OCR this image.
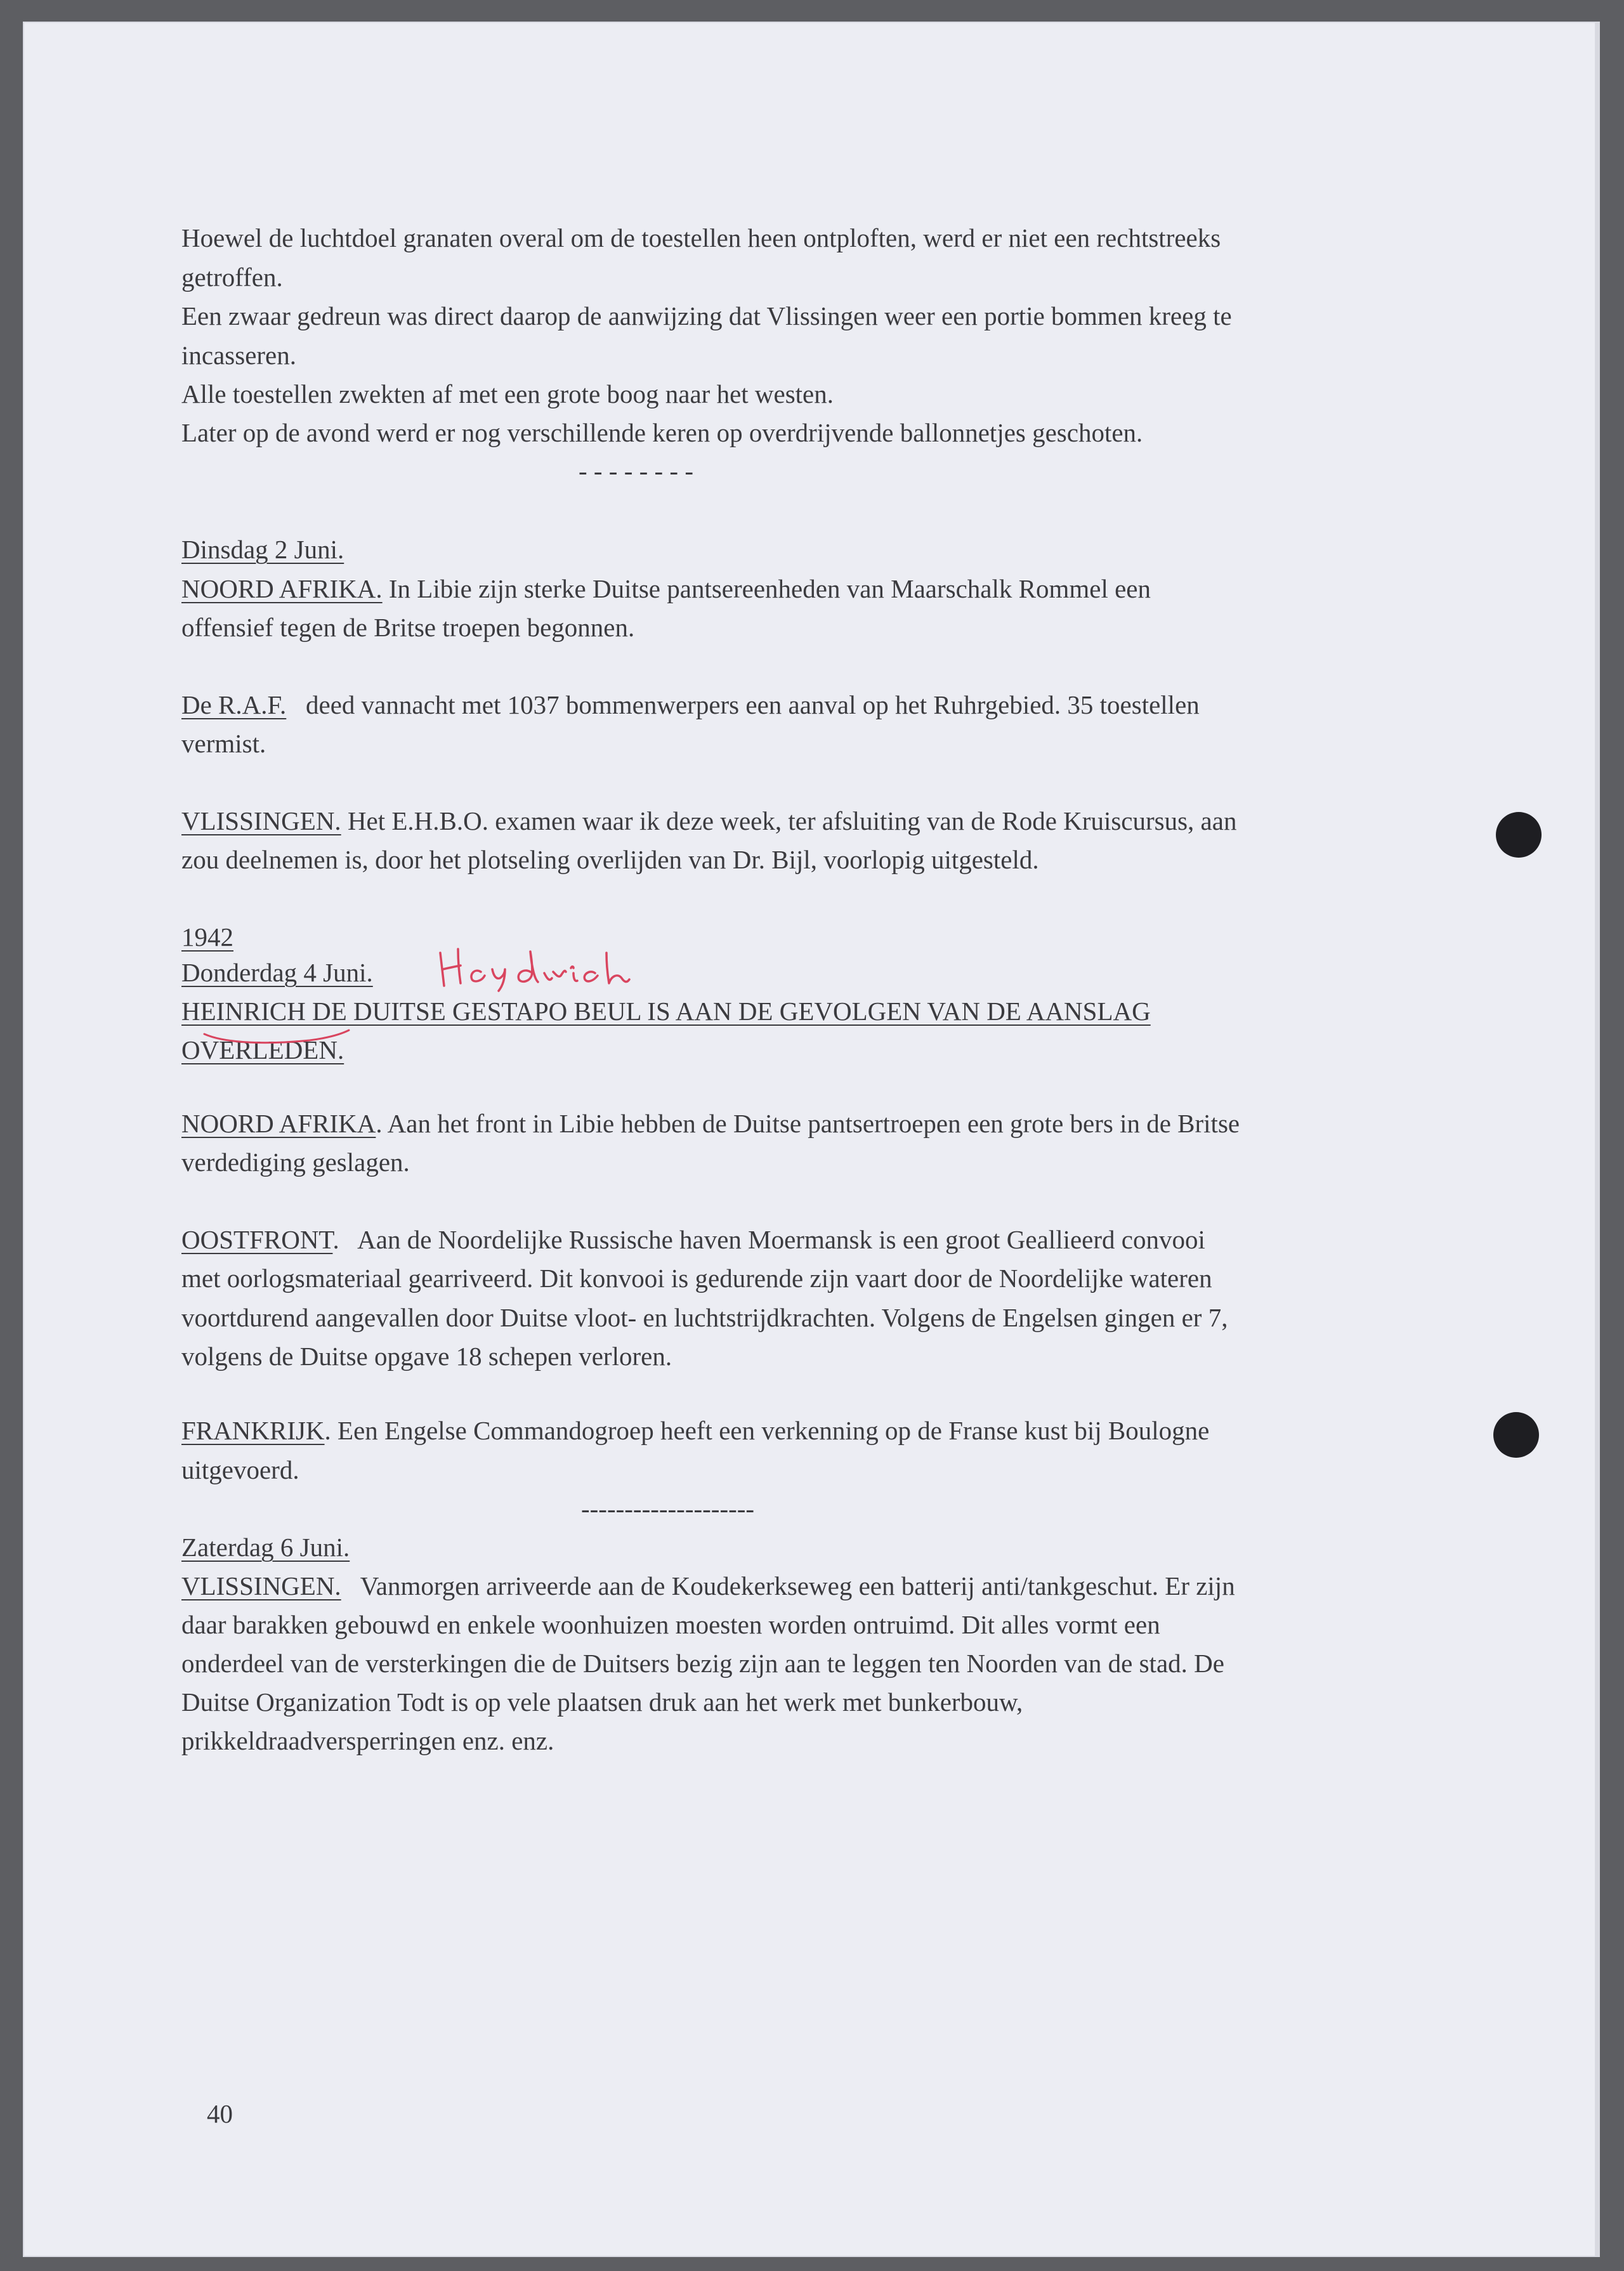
Hoewel de luchtdoel granaten overal om de toestellen heen ontploften, werd er niet een rechtstreeks
getroffen.
Een zwaar gedreun was direct daarop de aanwijzing dat Vlissingen weer een portie bommen kreeg te
incasseren.
Alle toestellen zwekten af met een grote boog naar het westen.
Later op de avond werd er nog verschillende keren op overdrijvende ballonnetjes geschoten.
- - - - - - - -
Dinsdag 2 Juni.
NOORD AFRIKA. In Libie zijn sterke Duitse pantsereenheden van Maarschalk Rommel een
offensief tegen de Britse troepen begonnen.
De R.A.F.   deed vannacht met 1037 bommenwerpers een aanval op het Ruhrgebied. 35 toestellen
vermist.
VLISSINGEN. Het E.H.B.O. examen waar ik deze week, ter afsluiting van de Rode Kruiscursus, aan
zou deelnemen is, door het plotseling overlijden van Dr. Bijl, voorlopig uitgesteld.
1942
Donderdag 4 Juni.
HEINRICH DE DUITSE GESTAPO BEUL IS AAN DE GEVOLGEN VAN DE AANSLAG
OVERLEDEN.
NOORD AFRIKA. Aan het front in Libie hebben de Duitse pantsertroepen een grote bers in de Britse
verdediging geslagen.
OOSTFRONT.   Aan de Noordelijke Russische haven Moermansk is een groot Geallieerd convooi
met oorlogsmateriaal gearriveerd. Dit konvooi is gedurende zijn vaart door de Noordelijke wateren
voortdurend aangevallen door Duitse vloot- en luchtstrijdkrachten. Volgens de Engelsen gingen er 7,
volgens de Duitse opgave 18 schepen verloren.
FRANKRIJK. Een Engelse Commandogroep heeft een verkenning op de Franse kust bij Boulogne
uitgevoerd.
--------------------
Zaterdag 6 Juni.
VLISSINGEN.   Vanmorgen arriveerde aan de Koudekerkseweg een batterij anti/tankgeschut. Er zijn
daar barakken gebouwd en enkele woonhuizen moesten worden ontruimd. Dit alles vormt een
onderdeel van de versterkingen die de Duitsers bezig zijn aan te leggen ten Noorden van de stad. De
Duitse Organization Todt is op vele plaatsen druk aan het werk met bunkerbouw,
prikkeldraadversperringen enz. enz.
40
